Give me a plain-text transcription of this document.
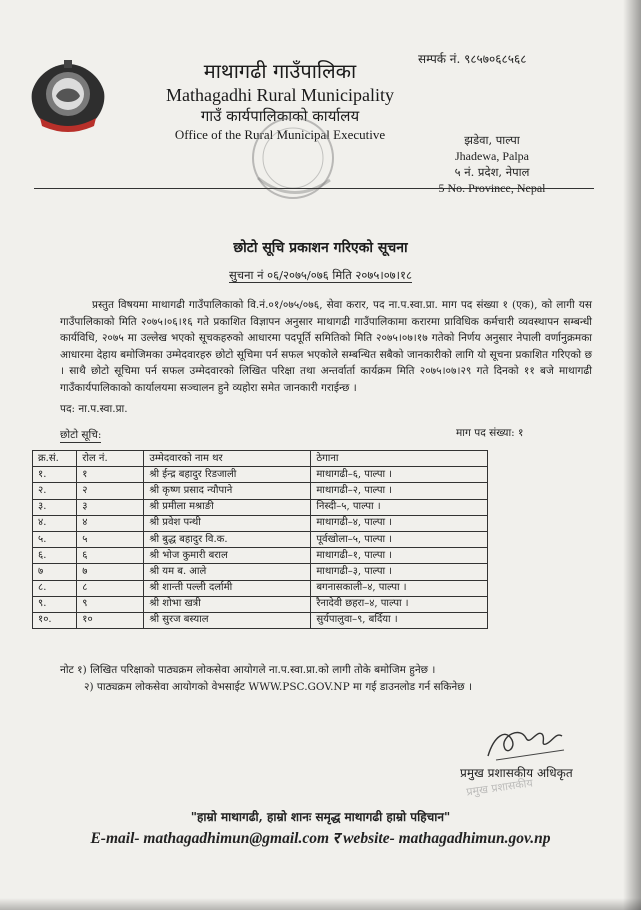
माथागढी गाउँपालिका
Mathagadhi Rural Municipality
गाउँ कार्यपालिकाको कार्यालय
Office of the Rural Municipal Executive
सम्पर्क नं. ९८५७०६८५६८
झडेवा, पाल्पा
Jhadewa, Palpa
५ नं. प्रदेश, नेपाल
5 No. Province, Nepal
छोटो सूचि प्रकाशन गरिएको सूचना
सुचना नं ०६/२०७५/०७६ मिति २०७५।०७।१८
प्रस्तुत विषयमा माथागढी गाउँपालिकाको वि.नं.०१/०७५/०७६, सेवा करार, पद ना.प.स्वा.प्रा. माग पद संख्या १ (एक), को लागी यस गाउँपालिकाको मिति २०७५।०६।१६ गते प्रकाशित विज्ञापन अनुसार माथागढी गाउँपालिकामा करारमा प्राविधिक कर्मचारी व्यवस्थापन सम्बन्धी कार्यविधि, २०७५ मा उल्लेख भएको सूचकहरुको आधारमा पदपूर्ति समितिको मिति २०७५।०७।१७ गतेको निर्णय अनुसार नेपाली वर्णानुक्रमका आधारमा देहाय बमोजिमका उम्मेदवारहरु छोटो सूचिमा पर्न सफल भएकोले सम्बन्धित सबैको जानकारीको लागि यो सूचना प्रकाशित गरिएको छ । साथै छोटो सूचिमा पर्न सफल उम्मेदवारको लिखित परिक्षा तथा अन्तर्वार्ता कार्यक्रम मिति २०७५।०७।२९ गते दिनको ११ बजे माथागढी गाउँकार्यपालिकाको कार्यालयमा सञ्चालन हुने व्यहोरा समेत जानकारी गराईन्छ ।
पद: ना.प.स्वा.प्रा.
छोटो सूचि:	माग पद संख्या: १
क्र.सं.	रोल नं.	उम्मेदवारको नाम थर	ठेगाना
१.	१	श्री ईन्द्र बहादुर रिडजाली	माथागढी–६, पाल्पा ।
२.	२	श्री कृष्ण प्रसाद न्यौपाने	माथागढी–२, पाल्पा ।
३.	३	श्री प्रमीला मश्राङी	निस्दी–५, पाल्पा ।
४.	४	श्री प्रवेश पन्थी	माथागढी–४, पाल्पा ।
५.	५	श्री बुद्ध बहादुर वि.क.	पूर्वखोला–५, पाल्पा ।
६.	६	श्री भोज कुमारी बराल	माथागढी–१, पाल्पा ।
७	७	श्री यम ब. आले	माथागढी–३, पाल्पा ।
८.	८	श्री शान्ती पल्ली दर्लामी	बगनासकाली–४, पाल्पा ।
९.	९	श्री शोभा खत्री	रैनादेवी छहरा–४, पाल्पा ।
१०.	१०	श्री सुरज बस्याल	सुर्यपालुवा–९, बर्दिया ।
नोट १) लिखित परिक्षाको पाठ्यक्रम लोकसेवा आयोगले ना.प.स्वा.प्रा.को लागी तोके बमोजिम हुनेछ ।
२) पाठ्यक्रम लोकसेवा आयोगको वेभसाईट WWW.PSC.GOV.NP मा गई डाउनलोड गर्न सकिनेछ ।
प्रमुख प्रशासकीय अधिकृत
प्रमुख प्रशासकीय
"हाम्रो माथागढी, हाम्रो शानः समृद्ध माथागढी हाम्रो पहिचान"
E-mail- mathagadhimun@gmail.com र website- mathagadhimun.gov.np
